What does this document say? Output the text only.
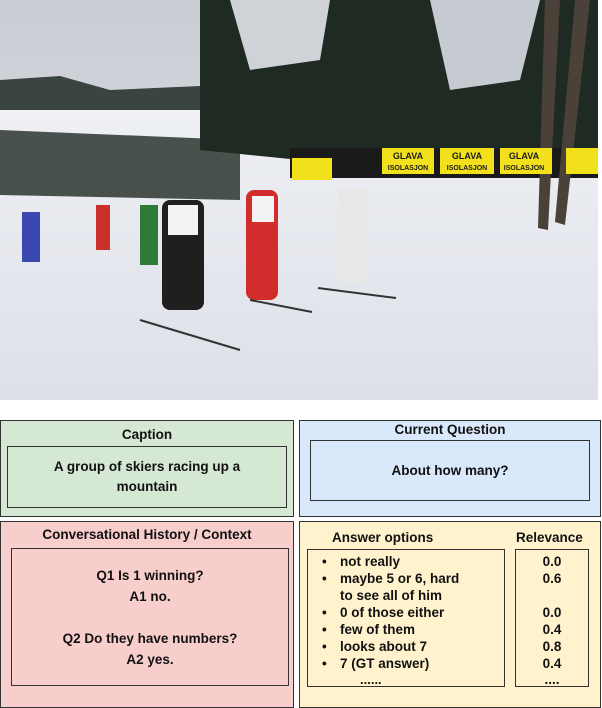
GLAVA
ISOLASJON
GLAVA
ISOLASJON
GLAVA
ISOLASJON
Caption
A group of skiers racing up a mountain
Current Question
About how many?
Conversational History / Context
Q1 Is 1 winning?
A1 no.
Q2 Do they have numbers?
A2 yes.
Answer options	Relevance
• not really
• maybe 5 or 6, hard to see all of him
• 0 of those either
• few of them
• looks about 7
• 7 (GT answer)
......
0.0
0.6

0.0
0.4
0.8
0.4
....
